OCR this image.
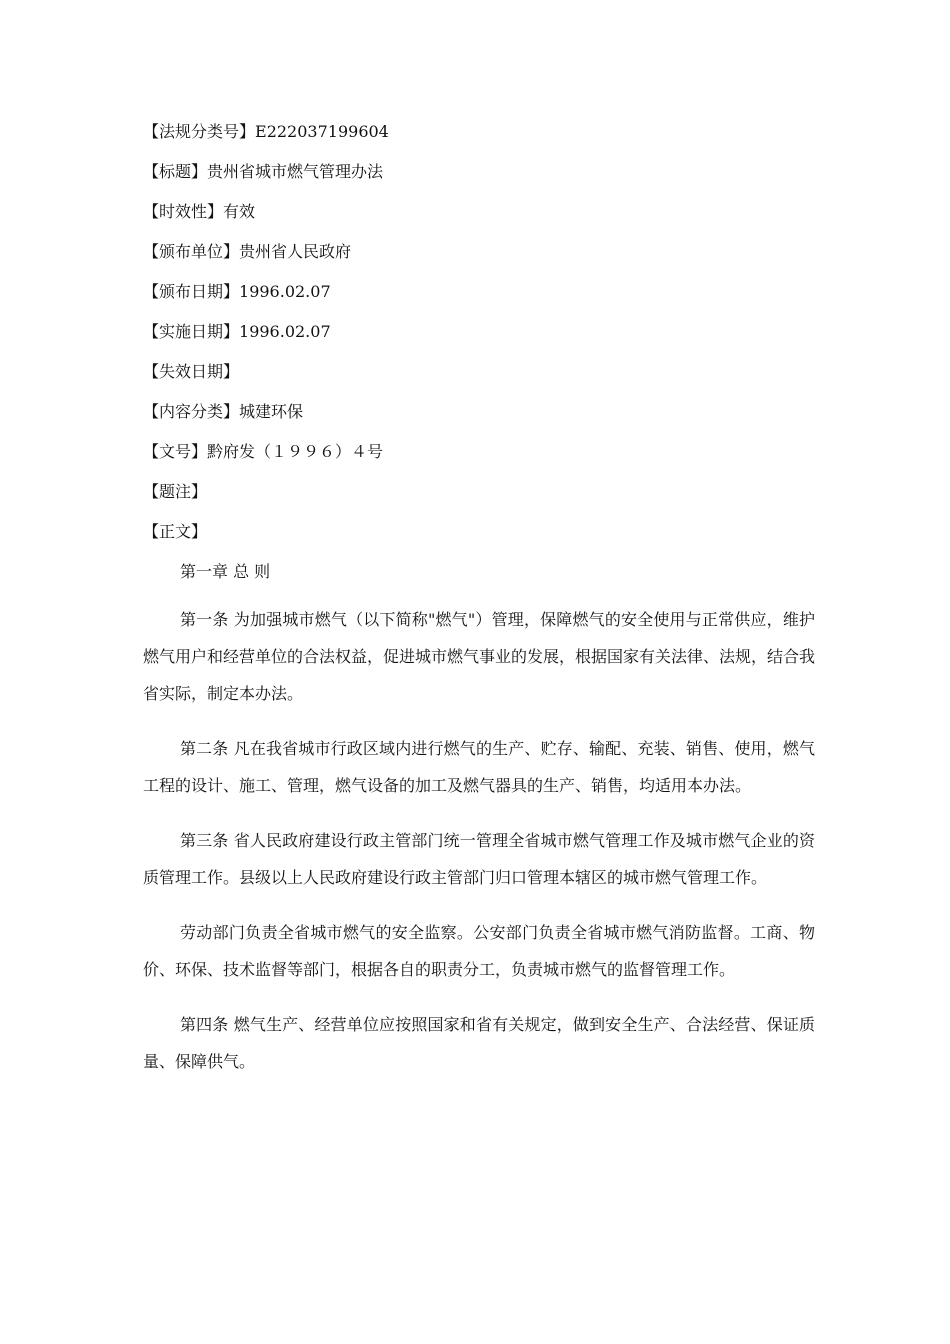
【法规分类号】E222037199604
【标题】贵州省城市燃气管理办法
【时效性】有效
【颁布单位】贵州省人民政府
【颁布日期】1996.02.07
【实施日期】1996.02.07
【失效日期】
【内容分类】城建环保
【文号】黔府发（１９９６）４号
【题注】
【正文】
第一章 总 则

第一条 为加强城市燃气（以下简称"燃气"）管理，保障燃气的安全使用与正常供应，维护燃气用户和经营单位的合法权益，促进城市燃气事业的发展，根据国家有关法律、法规，结合我省实际，制定本办法。

第二条 凡在我省城市行政区域内进行燃气的生产、贮存、输配、充装、销售、使用，燃气工程的设计、施工、管理，燃气设备的加工及燃气器具的生产、销售，均适用本办法。

第三条 省人民政府建设行政主管部门统一管理全省城市燃气管理工作及城市燃气企业的资质管理工作。县级以上人民政府建设行政主管部门归口管理本辖区的城市燃气管理工作。

劳动部门负责全省城市燃气的安全监察。公安部门负责全省城市燃气消防监督。工商、物价、环保、技术监督等部门，根据各自的职责分工，负责城市燃气的监督管理工作。

第四条 燃气生产、经营单位应按照国家和省有关规定，做到安全生产、合法经营、保证质量、保障供气。
